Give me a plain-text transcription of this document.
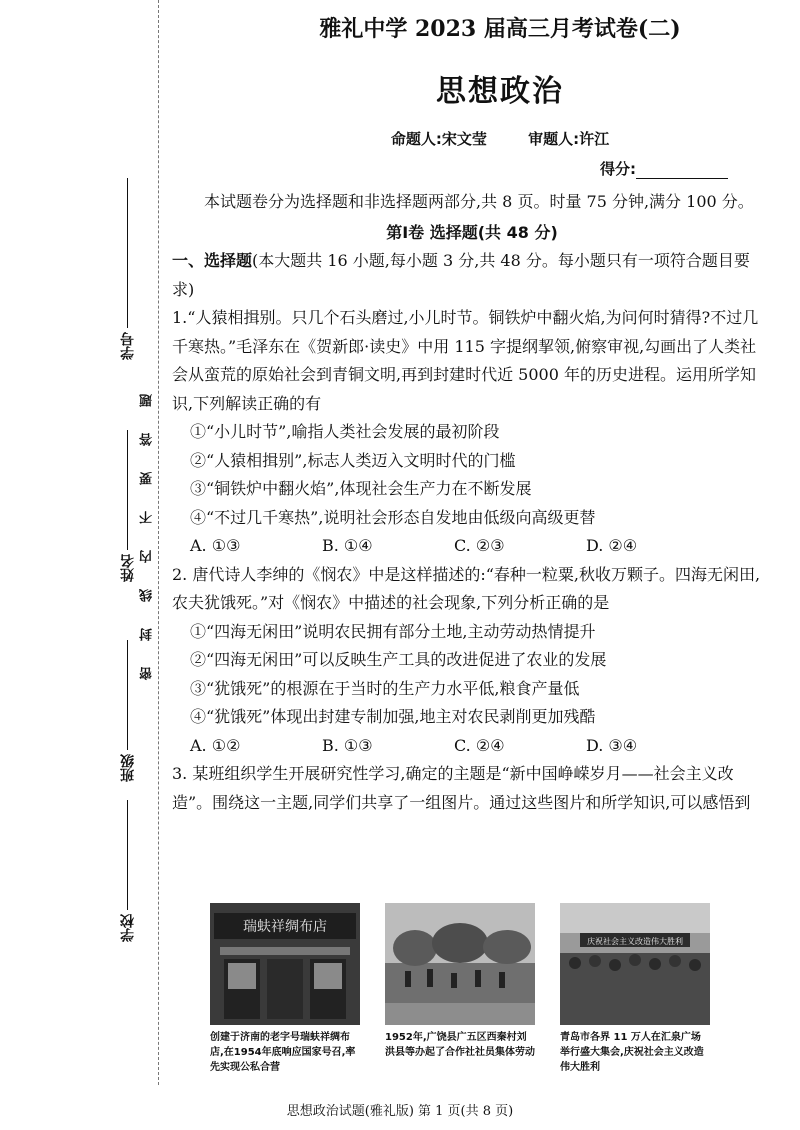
学号
姓名
班级
学校
密封线内不要答题
雅礼中学 2023 届高三月考试卷(二)
思想政治
命题人:宋文莹	审题人:许江
得分:

本试题卷分为选择题和非选择题两部分,共 8 页。时量 75 分钟,满分 100 分。

第Ⅰ卷 选择题(共 48 分)

一、选择题(本大题共 16 小题,每小题 3 分,共 48 分。每小题只有一项符合题目要求)

1.“人猿相揖别。只几个石头磨过,小儿时节。铜铁炉中翻火焰,为问何时猜得?不过几千寒热。”毛泽东在《贺新郎·读史》中用 115 字提纲挈领,俯察审视,勾画出了人类社会从蛮荒的原始社会到青铜文明,再到封建时代近 5000 年的历史进程。运用所学知识,下列解读正确的有

①“小儿时节”,喻指人类社会发展的最初阶段

②“人猿相揖别”,标志人类迈入文明时代的门槛

③“铜铁炉中翻火焰”,体现社会生产力在不断发展

④“不过几千寒热”,说明社会形态自发地由低级向高级更替

A. ①③	B. ①④	C. ②③	D. ②④

2. 唐代诗人李绅的《悯农》中是这样描述的:“春种一粒粟,秋收万颗子。四海无闲田,农夫犹饿死。”对《悯农》中描述的社会现象,下列分析正确的是

①“四海无闲田”说明农民拥有部分土地,主动劳动热情提升

②“四海无闲田”可以反映生产工具的改进促进了农业的发展

③“犹饿死”的根源在于当时的生产力水平低,粮食产量低

④“犹饿死”体现出封建专制加强,地主对农民剥削更加残酷

A. ①②	B. ①③	C. ②④	D. ③④

3. 某班组织学生开展研究性学习,确定的主题是“新中国峥嵘岁月——社会主义改造”。围绕这一主题,同学们共享了一组图片。通过这些图片和所学知识,可以感悟到

瑞蚨祥绸布店
庆祝社会主义改造伟大胜利
创建于济南的老字号瑞蚨祥绸布店,在1954年底响应国家号召,率先实现公私合营
1952年,广饶县广五区西秦村刘洪县等办起了合作社社员集体劳动
青岛市各界 11 万人在汇泉广场举行盛大集会,庆祝社会主义改造伟大胜利
思想政治试题(雅礼版) 第 1 页(共 8 页)
